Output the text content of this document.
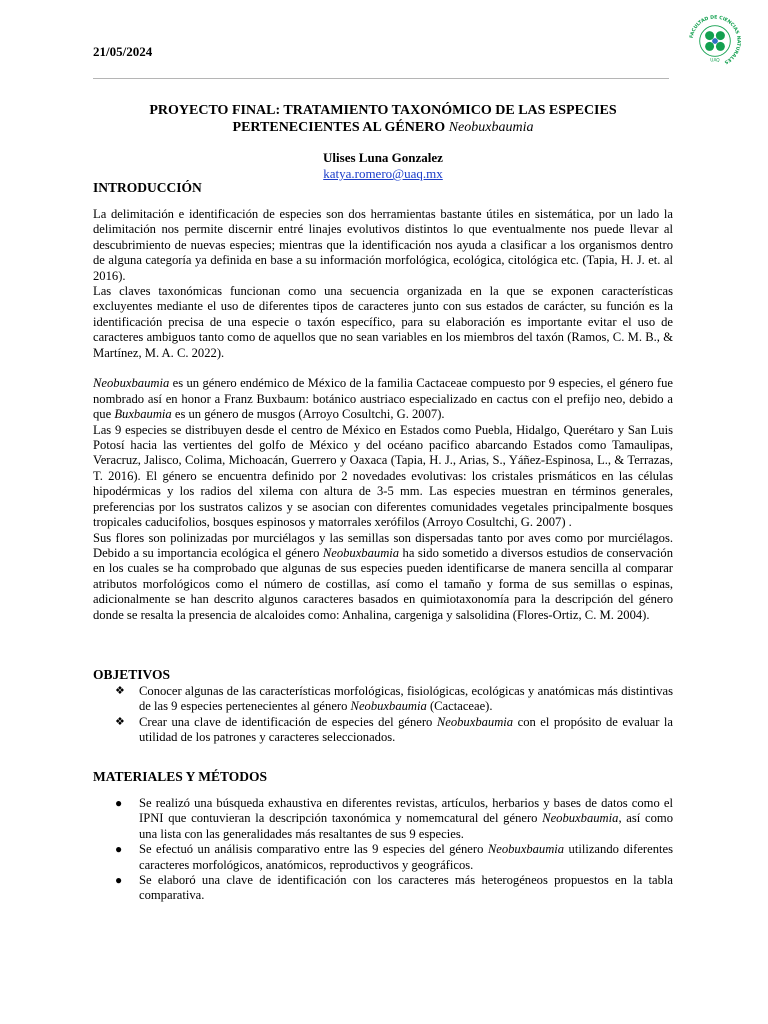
21/05/2024
FACULTAD DE CIENCIAS NATURALES
UAQ
PROYECTO FINAL: TRATAMIENTO TAXONÓMICO DE LAS ESPECIES
PERTENECIENTES AL GÉNERO Neobuxbaumia
Ulises Luna Gonzalez
katya.romero@uaq.mx
INTRODUCCIÓN

La delimitación e identificación de especies son dos herramientas bastante útiles en sistemática, por un lado la delimitación nos permite discernir entré linajes evolutivos distintos lo que eventualmente nos puede llevar al descubrimiento de nuevas especies; mientras que la identificación nos ayuda a clasificar a los organismos dentro de alguna categoría ya definida en base a su información morfológica, ecológica, citológica etc. (Tapia, H. J. et. al 2016).

Las claves taxonómicas funcionan como una secuencia organizada en la que se exponen características excluyentes mediante el uso de diferentes tipos de caracteres junto con sus estados de carácter, su función es la identificación precisa de una especie o taxón específico, para su elaboración es importante evitar el uso de caracteres ambiguos tanto como de aquellos que no sean variables en los miembros del taxón (Ramos, C. M. B., & Martínez, M. A. C. 2022).

Neobuxbaumia es un género endémico de México de la familia Cactaceae compuesto por 9 especies, el género fue nombrado así en honor a Franz Buxbaum: botánico austriaco especializado en cactus con el prefijo neo, debido a que Buxbaumia es un género de musgos (Arroyo Cosultchi, G. 2007).

Las 9 especies se distribuyen desde el centro de México en Estados como Puebla, Hidalgo, Querétaro y San Luis Potosí hacia las vertientes del golfo de México y del océano pacifico abarcando Estados como Tamaulipas, Veracruz, Jalisco, Colima, Michoacán, Guerrero y Oaxaca (Tapia, H. J., Arias, S., Yáñez-Espinosa, L., & Terrazas, T. 2016). El género se encuentra definido por 2 novedades evolutivas: los cristales prismáticos en las células hipodérmicas y los radios del xilema con altura de 3-5 mm. Las especies muestran en términos generales, preferencias por los sustratos calizos y se asocian con diferentes comunidades vegetales principalmente bosques tropicales caducifolios, bosques espinosos y matorrales xerófilos (Arroyo Cosultchi, G. 2007) .

Sus flores son polinizadas por murciélagos y las semillas son dispersadas tanto por aves como por murciélagos. Debido a su importancia ecológica el género Neobuxbaumia ha sido sometido a diversos estudios de conservación en los cuales se ha comprobado que algunas de sus especies pueden identificarse de manera sencilla al comparar atributos morfológicos como el número de costillas, así como el tamaño y forma de sus semillas o espinas, adicionalmente se han descrito algunos caracteres basados en quimiotaxonomía para la descripción del género donde se resalta la presencia de alcaloides como: Anhalina, cargeniga y salsolidina (Flores-Ortiz, C. M. 2004).

OBJETIVOS
❖ Conocer algunas de las características morfológicas, fisiológicas, ecológicas y anatómicas más distintivas de las 9 especies pertenecientes al género Neobuxbaumia (Cactaceae).
❖ Crear una clave de identificación de especies del género Neobuxbaumia con el propósito de evaluar la utilidad de los patrones y caracteres seleccionados.
MATERIALES Y MÉTODOS
● Se realizó una búsqueda exhaustiva en diferentes revistas, artículos, herbarios y bases de datos como el IPNI que contuvieran la descripción taxonómica y nomemcatural del género Neobuxbaumia, así como una lista con las generalidades más resaltantes de sus 9 especies.
● Se efectuó un análisis comparativo entre las 9 especies del género Neobuxbaumia utilizando diferentes caracteres morfológicos, anatómicos, reproductivos y geográficos.
● Se elaboró una clave de identificación con los caracteres más heterogéneos propuestos en la tabla comparativa.
